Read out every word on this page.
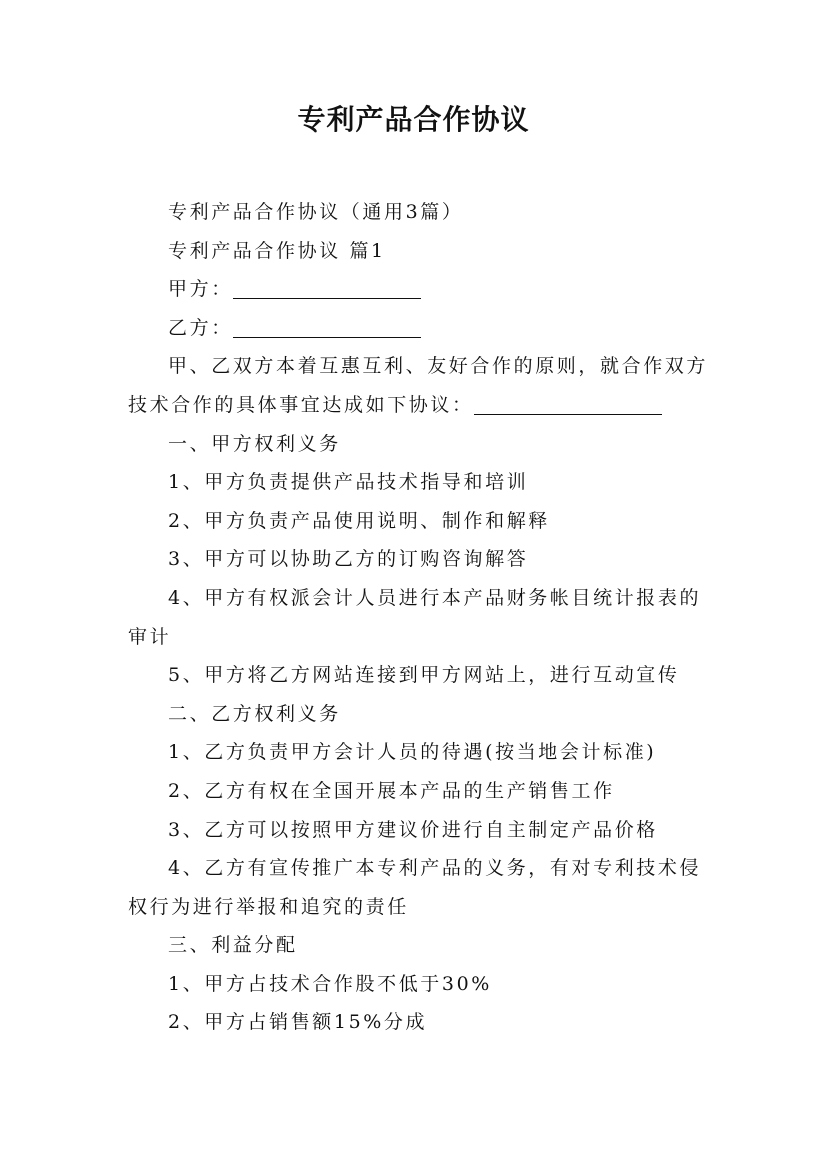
专利产品合作协议

专利产品合作协议（通用3篇）

专利产品合作协议 篇1

甲方：

乙方：

甲、乙双方本着互惠互利、友好合作的原则，就合作双方技术合作的具体事宜达成如下协议：

一、甲方权利义务

1、甲方负责提供产品技术指导和培训

2、甲方负责产品使用说明、制作和解释

3、甲方可以协助乙方的订购咨询解答

4、甲方有权派会计人员进行本产品财务帐目统计报表的审计

5、甲方将乙方网站连接到甲方网站上，进行互动宣传

二、乙方权利义务

1、乙方负责甲方会计人员的待遇(按当地会计标准)

2、乙方有权在全国开展本产品的生产销售工作

3、乙方可以按照甲方建议价进行自主制定产品价格

4、乙方有宣传推广本专利产品的义务，有对专利技术侵权行为进行举报和追究的责任

三、利益分配

1、甲方占技术合作股不低于30%

2、甲方占销售额15%分成
